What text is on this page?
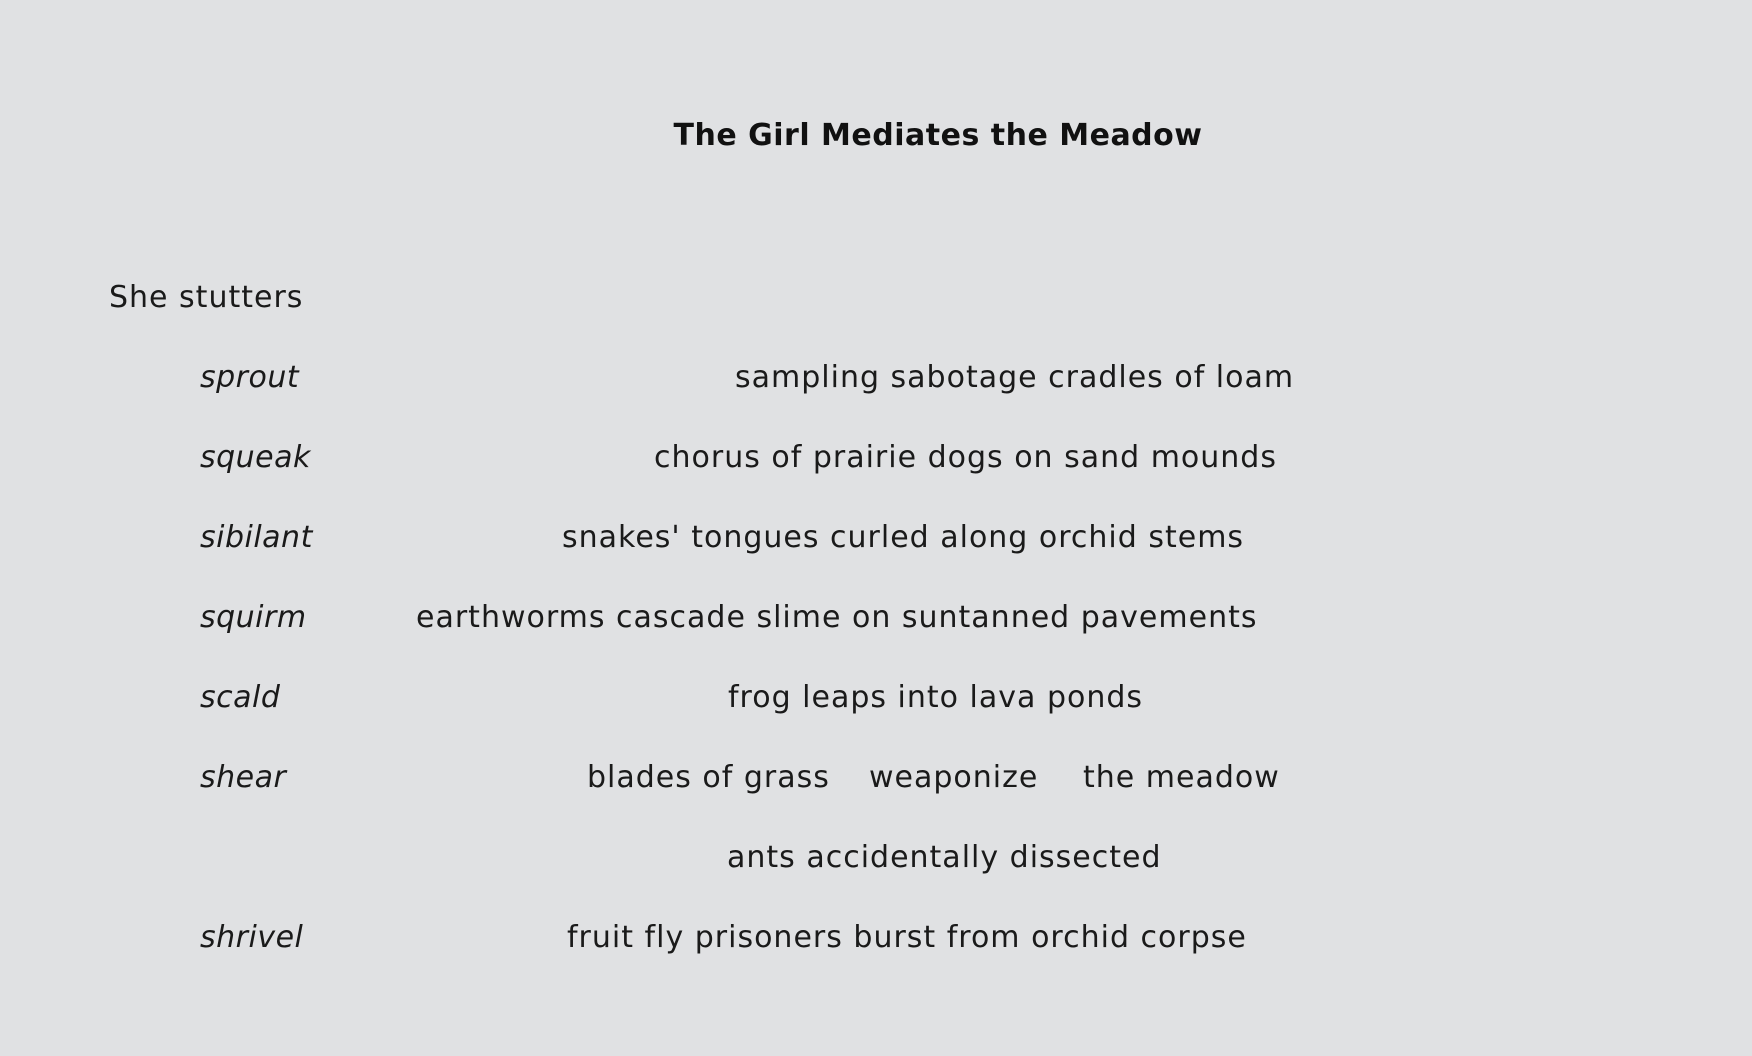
The Girl Mediates the Meadow
She stutters
sprout	sampling sabotage cradles of loam
squeak	chorus of prairie dogs on sand mounds
sibilant	snakes' tongues curled along orchid stems
squirm	earthworms cascade slime on suntanned pavements
scald	frog leaps into lava ponds
shear	blades of grass weaponize the meadow
ants accidentally dissected
shrivel	fruit fly prisoners burst from orchid corpse
